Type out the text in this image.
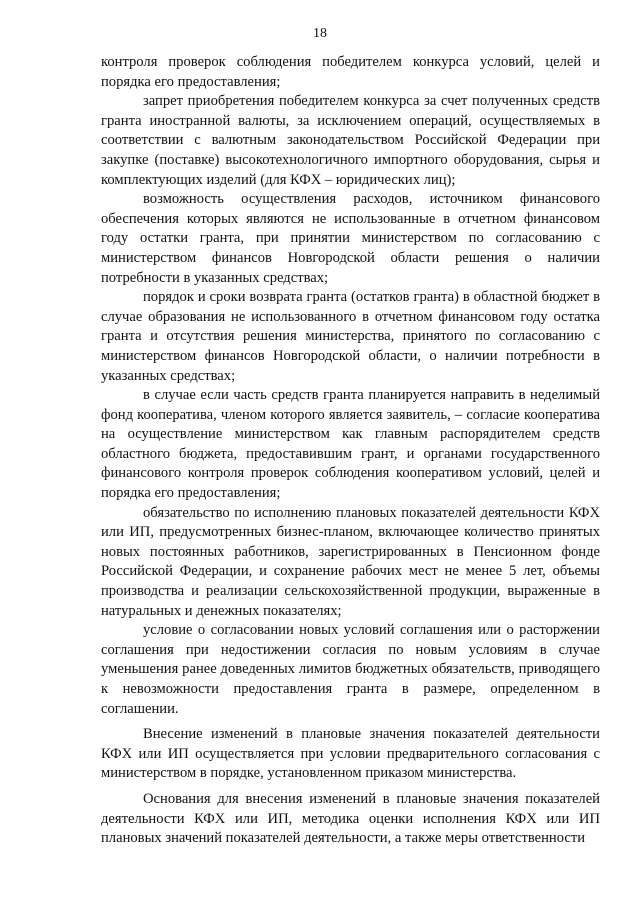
18

контроля проверок соблюдения победителем конкурса условий, целей и порядка его предоставления;

запрет приобретения победителем конкурса за счет полученных средств гранта иностранной валюты, за исключением операций, осуществляемых в соответствии с валютным законодательством Российской Федерации при закупке (поставке) высокотехнологичного импортного оборудования, сырья и комплектующих изделий (для КФХ – юридических лиц);

возможность осуществления расходов, источником финансового обеспечения которых являются не использованные в отчетном финансовом году остатки гранта, при принятии министерством по согласованию с министерством финансов Новгородской области решения о наличии потребности в указанных средствах;

порядок и сроки возврата гранта (остатков гранта) в областной бюджет в случае образования не использованного в отчетном финансовом году остатка гранта и отсутствия решения министерства, принятого по согласованию с министерством финансов Новгородской области, о наличии потребности в указанных средствах;

в случае если часть средств гранта планируется направить в неделимый фонд кооператива, членом которого является заявитель, – согласие кооператива на осуществление министерством как главным распорядителем средств областного бюджета, предоставившим грант, и органами государственного финансового контроля проверок соблюдения кооперативом условий, целей и порядка его предоставления;

обязательство по исполнению плановых показателей деятельности КФХ или ИП, предусмотренных бизнес-планом, включающее количество принятых новых постоянных работников, зарегистрированных в Пенсионном фонде Российской Федерации, и сохранение рабочих мест не менее 5 лет, объемы производства и реализации сельскохозяйственной продукции, выраженные в натуральных и денежных показателях;

условие о согласовании новых условий соглашения или о расторжении соглашения при недостижении согласия по новым условиям в случае уменьшения ранее доведенных лимитов бюджетных обязательств, приводящего к невозможности предоставления гранта в размере, определенном в соглашении.

Внесение изменений в плановые значения показателей деятельности КФХ или ИП осуществляется при условии предварительного согласования с министерством в порядке, установленном приказом министерства.

Основания для внесения изменений в плановые значения показателей деятельности КФХ или ИП, методика оценки исполнения КФХ или ИП плановых значений показателей деятельности, а также меры ответственности
